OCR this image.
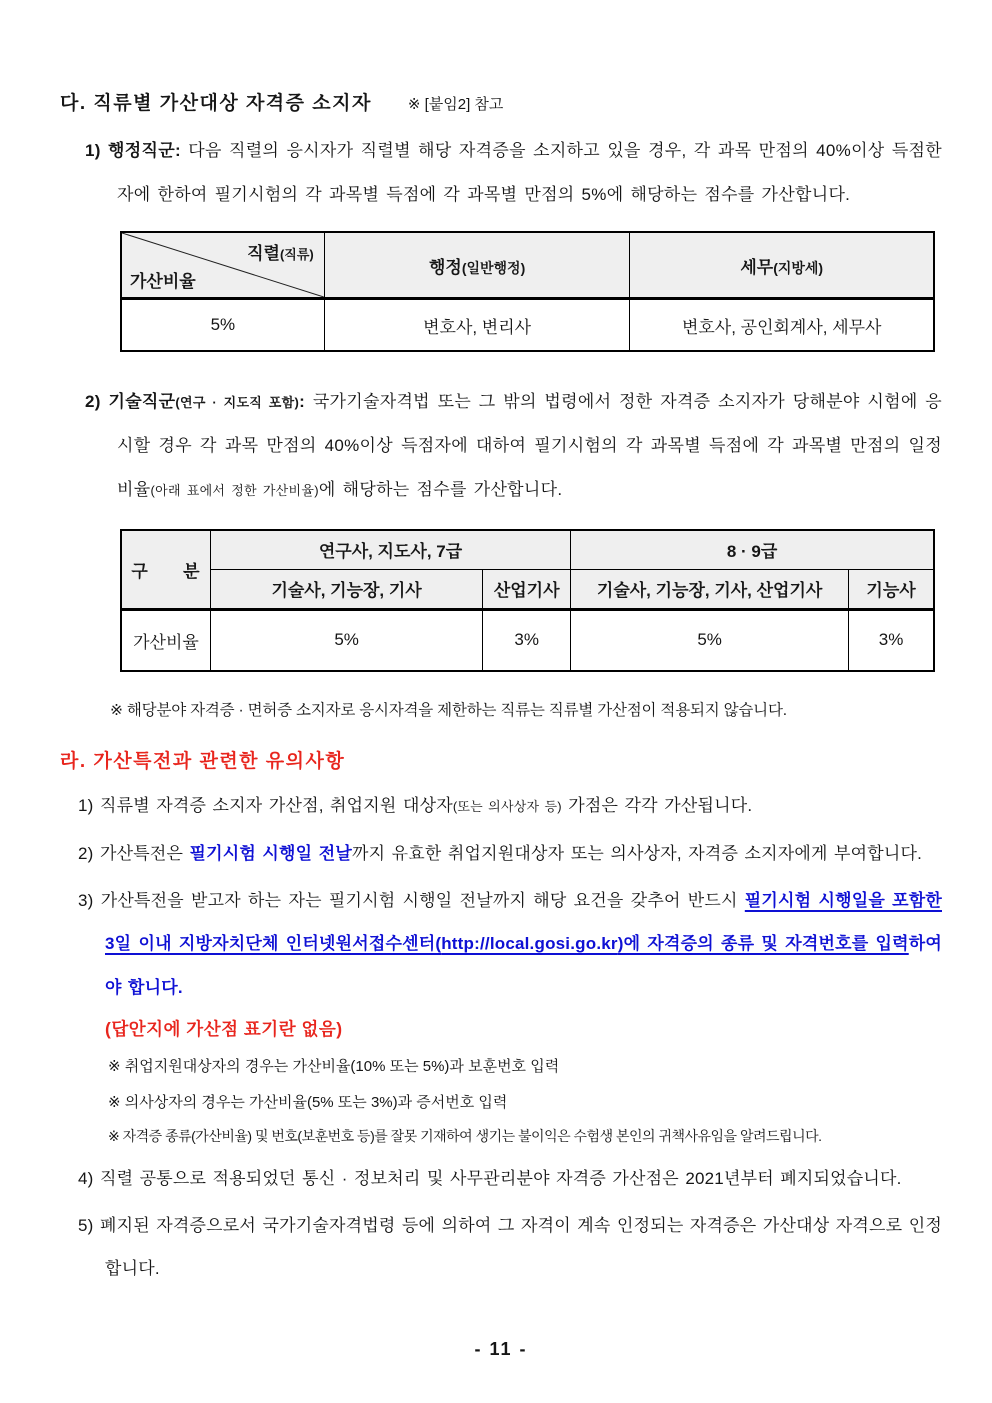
다. 직류별 가산대상 자격증 소지자 ※ [붙임2] 참고

1) 행정직군: 다음 직렬의 응시자가 직렬별 해당 자격증을 소지하고 있을 경우, 각 과목 만점의 40%이상 득점한 자에 한하여 필기시험의 각 과목별 득점에 각 과목별 만점의 5%에 해당하는 점수를 가산합니다.

직렬(직류)
가산비율	행정(일반행정)	세무(지방세)
5%	변호사, 변리사	변호사, 공인회계사, 세무사

2) 기술직군(연구 · 지도직 포함): 국가기술자격법 또는 그 밖의 법령에서 정한 자격증 소지자가 당해분야 시험에 응시할 경우 각 과목 만점의 40%이상 득점자에 대하여 필기시험의 각 과목별 득점에 각 과목별 만점의 일정비율(아래 표에서 정한 가산비율)에 해당하는 점수를 가산합니다.

구      분	연구사, 지도사, 7급		8 · 9급	
	기술사, 기능장, 기사	산업기사	기술사, 기능장, 기사, 산업기사	기능사
가산비율	5%	3%	5%	3%
※ 해당분야 자격증 · 면허증 소지자로 응시자격을 제한하는 직류는 직류별 가산점이 적용되지 않습니다.
라. 가산특전과 관련한 유의사항

1) 직류별 자격증 소지자 가산점, 취업지원 대상자(또는 의사상자 등) 가점은 각각 가산됩니다.

2) 가산특전은 필기시험 시행일 전날까지 유효한 취업지원대상자 또는 의사상자, 자격증 소지자에게 부여합니다.

3) 가산특전을 받고자 하는 자는 필기시험 시행일 전날까지 해당 요건을 갖추어 반드시 필기시험 시행일을 포함한 3일 이내 지방자치단체 인터넷원서접수센터(http://local.gosi.go.kr)에 자격증의 종류 및 자격번호를 입력하여야 합니다.

(답안지에 가산점 표기란 없음)
※ 취업지원대상자의 경우는 가산비율(10% 또는 5%)과 보훈번호 입력
※ 의사상자의 경우는 가산비율(5% 또는 3%)과 증서번호 입력
※ 자격증 종류(가산비율) 및 번호(보훈번호 등)를 잘못 기재하여 생기는 불이익은 수험생 본인의 귀책사유임을 알려드립니다.

4) 직렬 공통으로 적용되었던 통신 · 정보처리 및 사무관리분야 자격증 가산점은 2021년부터 폐지되었습니다.

5) 폐지된 자격증으로서 국가기술자격법령 등에 의하여 그 자격이 계속 인정되는 자격증은 가산대상 자격으로 인정합니다.

- 11 -
